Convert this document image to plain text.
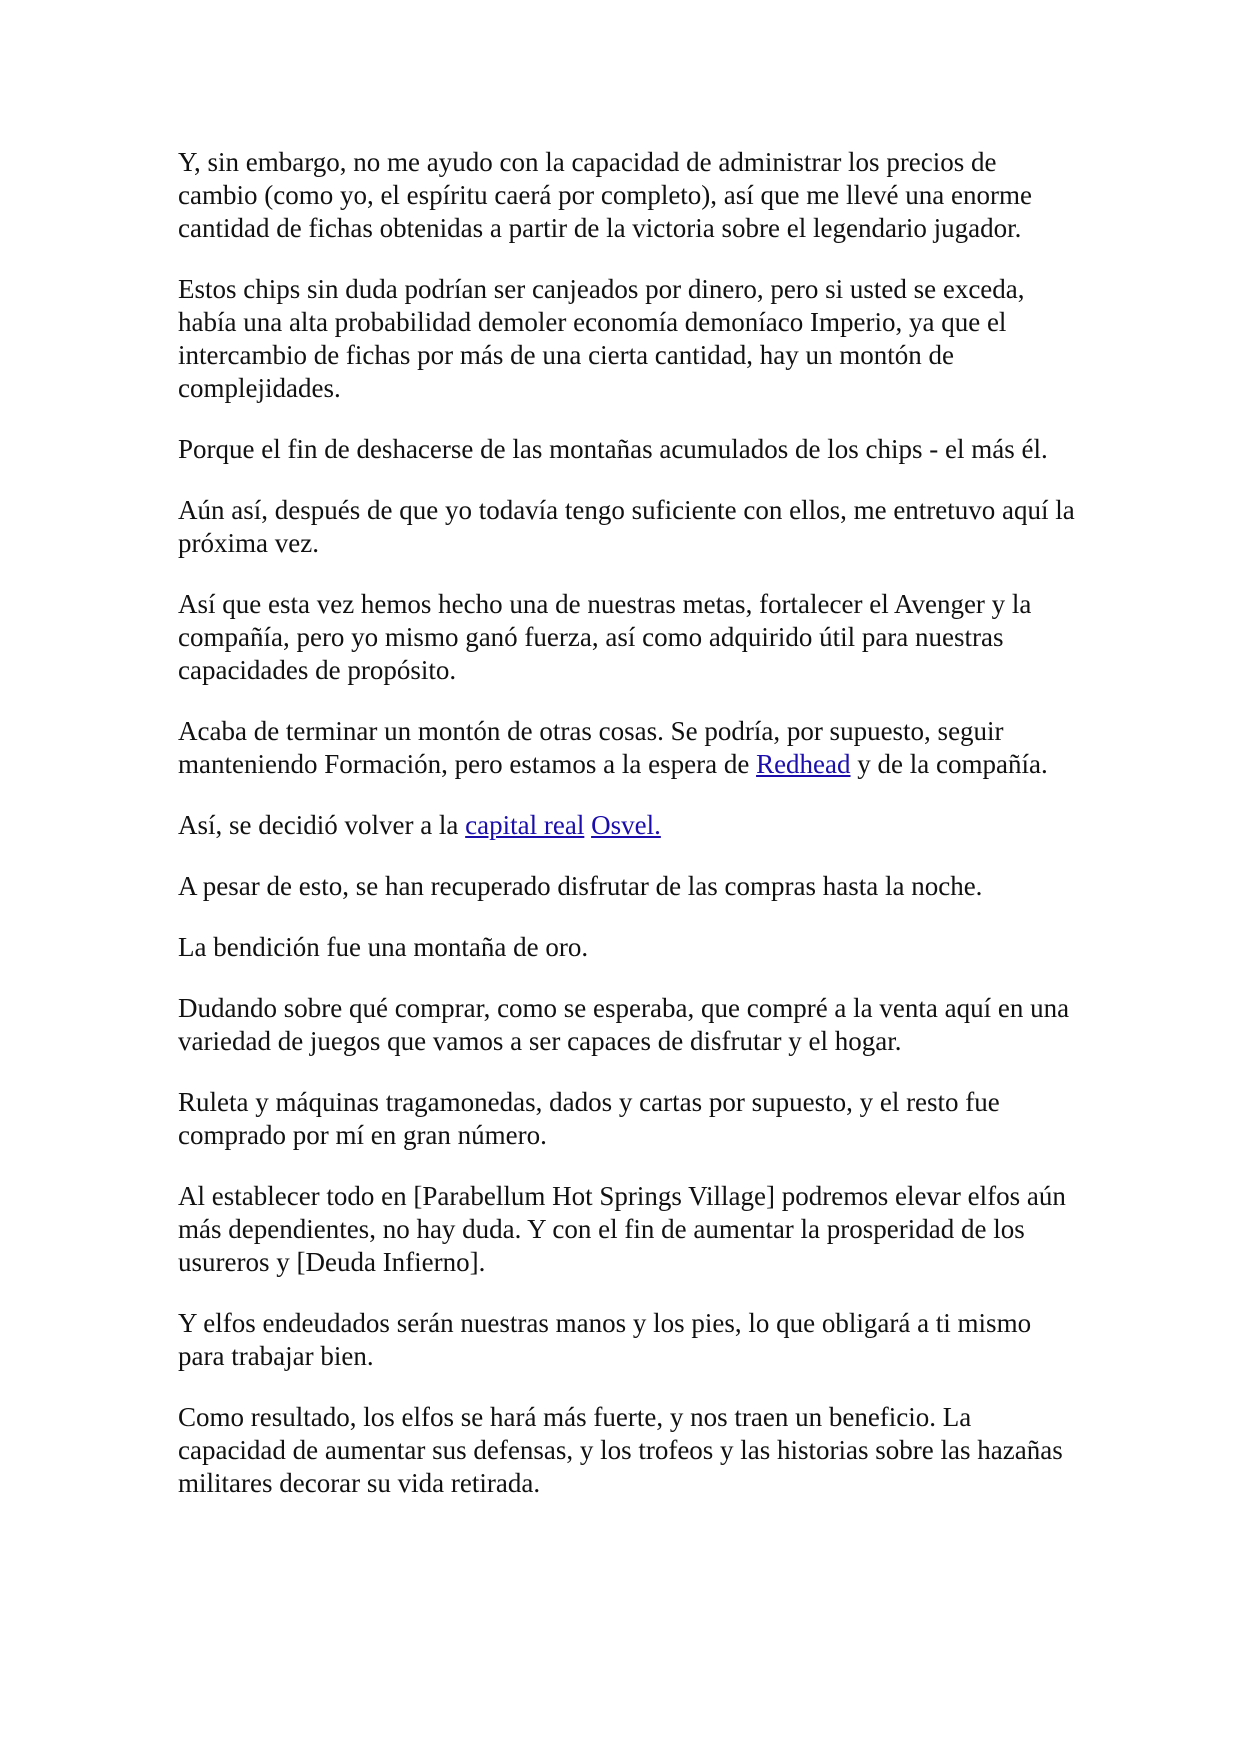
Y, sin embargo, no me ayudo con la capacidad de administrar los precios de cambio (como yo, el espíritu caerá por completo), así que me llevé una enorme cantidad de fichas obtenidas a partir de la victoria sobre el legendario jugador.

Estos chips sin duda podrían ser canjeados por dinero, pero si usted se exceda, había una alta probabilidad demoler economía demoníaco Imperio, ya que el intercambio de fichas por más de una cierta cantidad, hay un montón de complejidades.

Porque el fin de deshacerse de las montañas acumulados de los chips - el más él.

Aún así, después de que yo todavía tengo suficiente con ellos, me entretuvo aquí la próxima vez.

Así que esta vez hemos hecho una de nuestras metas, fortalecer el Avenger y la compañía, pero yo mismo ganó fuerza, así como adquirido útil para nuestras capacidades de propósito.

Acaba de terminar un montón de otras cosas. Se podría, por supuesto, seguir manteniendo Formación, pero estamos a la espera de Redhead y de la compañía.

Así, se decidió volver a la capital real Osvel.

A pesar de esto, se han recuperado disfrutar de las compras hasta la noche.

La bendición fue una montaña de oro.

Dudando sobre qué comprar, como se esperaba, que compré a la venta aquí en una variedad de juegos que vamos a ser capaces de disfrutar y el hogar.

Ruleta y máquinas tragamonedas, dados y cartas por supuesto, y el resto fue comprado por mí en gran número.

Al establecer todo en [Parabellum Hot Springs Village] podremos elevar elfos aún más dependientes, no hay duda. Y con el fin de aumentar la prosperidad de los usureros y [Deuda Infierno].

Y elfos endeudados serán nuestras manos y los pies, lo que obligará a ti mismo para trabajar bien.

Como resultado, los elfos se hará más fuerte, y nos traen un beneficio. La capacidad de aumentar sus defensas, y los trofeos y las historias sobre las hazañas militares decorar su vida retirada.
